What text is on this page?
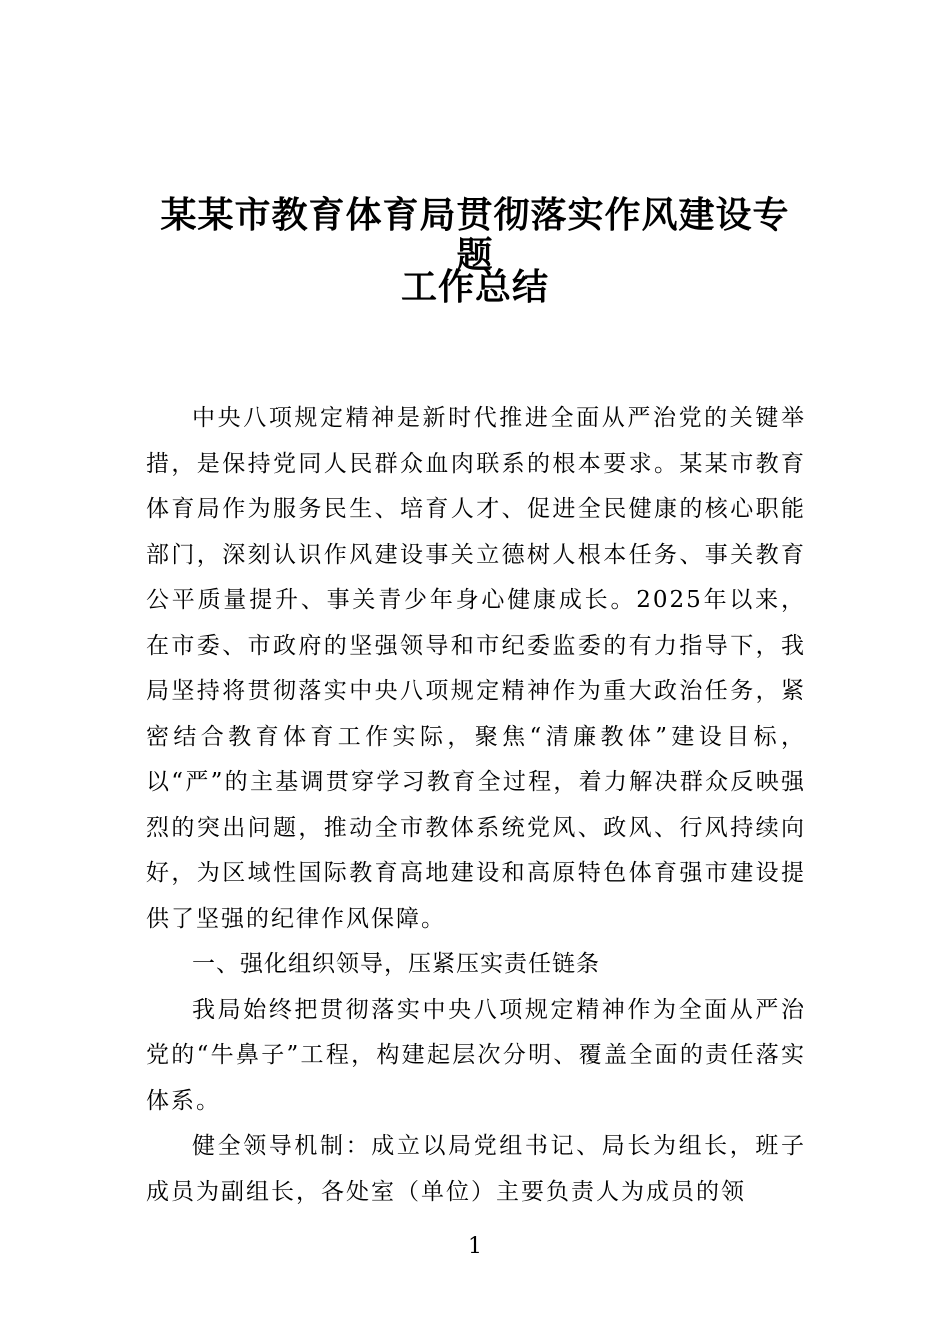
某某市教育体育局贯彻落实作风建设专题
工作总结

中央八项规定精神是新时代推进全面从严治党的关键举措，是保持党同人民群众血肉联系的根本要求。某某市教育体育局作为服务民生、培育人才、促进全民健康的核心职能部门，深刻认识作风建设事关立德树人根本任务、事关教育公平质量提升、事关青少年身心健康成长。2025年以来，在市委、市政府的坚强领导和市纪委监委的有力指导下，我局坚持将贯彻落实中央八项规定精神作为重大政治任务，紧密结合教育体育工作实际，聚焦“清廉教体”建设目标，以“严”的主基调贯穿学习教育全过程，着力解决群众反映强烈的突出问题，推动全市教体系统党风、政风、行风持续向好，为区域性国际教育高地建设和高原特色体育强市建设提供了坚强的纪律作风保障。

一、强化组织领导，压紧压实责任链条

我局始终把贯彻落实中央八项规定精神作为全面从严治党的“牛鼻子”工程，构建起层次分明、覆盖全面的责任落实体系。

健全领导机制：成立以局党组书记、局长为组长，班子成员为副组长，各处室（单位）主要负责人为成员的领

1
